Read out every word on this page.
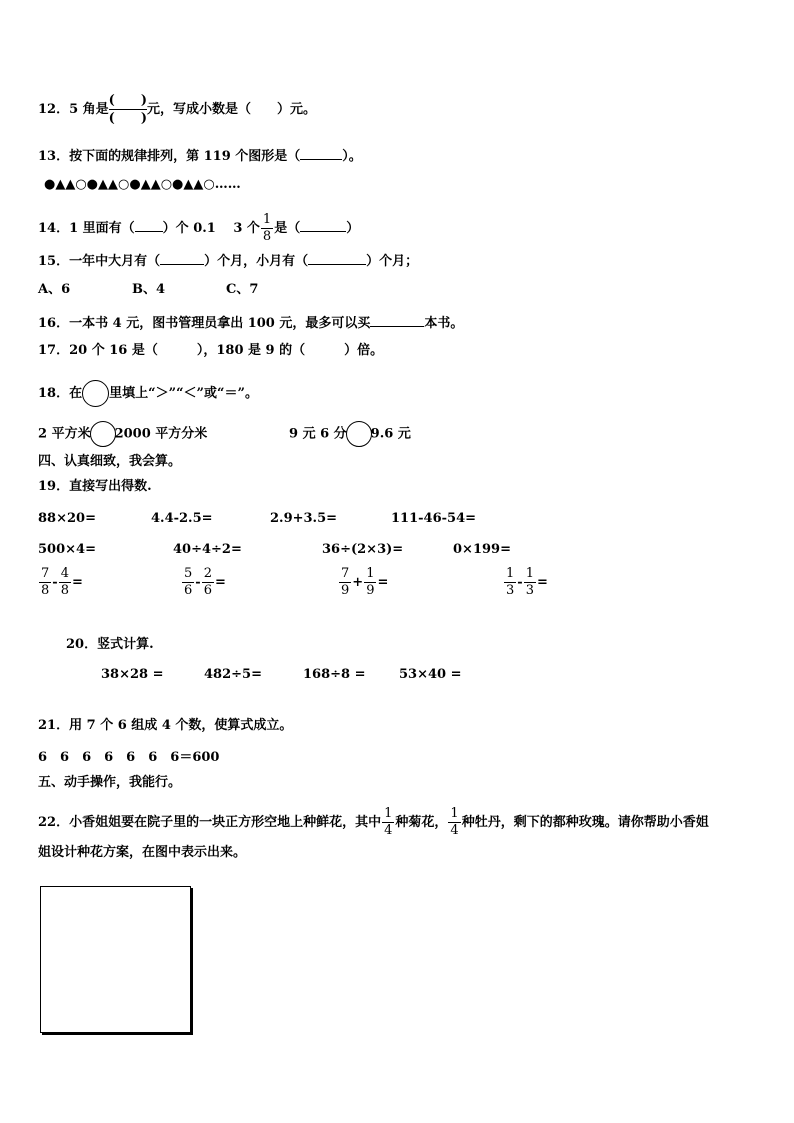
12．5 角是
(　　)
(　　)
元，写成小数是（　　）元。
13．按下面的规律排列，第 119 个图形是（	）。
●▲▲○●▲▲○●▲▲○●▲▲○……
14．1 里面有（ ）个 0.1　 3 个 $\frac{1}{8}$ 是（	）
15．一年中大月有（	）个月，小月有（	）个月；
A、6	B、4	C、7
16．一本书 4 元，图书管理员拿出 100 元，最多可以买	本书。
17．20 个 16 是（　　　），180 是 9 的（　　　）倍。
18．在 里填上“＞”“＜”或“＝”。
2 平方米 2000 平方分米	9 元 6 分 9.6 元
四、认真细致，我会算。
19．直接写出得数.
88×20=	4.4-2.5=	2.9+3.5=	111-46-54=
500×4=	40÷4÷2=	36÷(2×3)=	0×199=
$\frac{7}{8} - \frac{4}{8}$ =	$\frac{5}{6} - \frac{2}{6}$ =	$\frac{7}{9} + \frac{1}{9}$ =	$\frac{1}{3} - \frac{1}{3}$ =
20．竖式计算.
38×28 =	482÷5=	168÷8 =	53×40 =
21．用 7 个 6 组成 4 个数，使算式成立。
6　6　6　6　6　6　6＝600
五、动手操作，我能行。
22．小香姐姐要在院子里的一块正方形空地上种鲜花，其中 $\frac{1}{4}$ 种菊花， $\frac{1}{4}$ 种牡丹，剩下的都种玫瑰。请你帮助小香姐
姐设计种花方案，在图中表示出来。
